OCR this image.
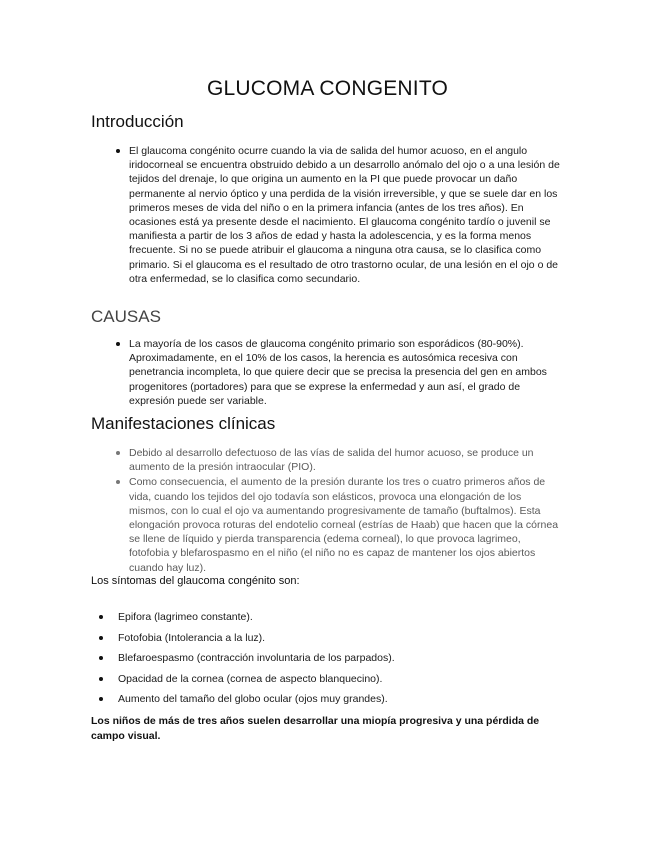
GLUCOMA CONGENITO
Introducción
El glaucoma congénito ocurre cuando la via de salida del humor acuoso, en el angulo iridocorneal se encuentra obstruido debido a un desarrollo anómalo del ojo o a una lesión de tejidos del drenaje, lo que origina un aumento en la PI que puede provocar un daño permanente al nervio óptico y una perdida de la visión irreversible, y que se suele dar en los primeros meses de vida del niño o en la primera infancia (antes de los tres años). En ocasiones está ya presente desde el nacimiento. El glaucoma congénito tardío o juvenil se manifiesta a partir de los 3 años de edad y hasta la adolescencia, y es la forma menos frecuente. Si no se puede atribuir el glaucoma a ninguna otra causa, se lo clasifica como primario. Si el glaucoma es el resultado de otro trastorno ocular, de una lesión en el ojo o de otra enfermedad, se lo clasifica como secundario.
CAUSAS
La mayoría de los casos de glaucoma congénito primario son esporádicos (80-90%). Aproximadamente, en el 10% de los casos, la herencia es autosómica recesiva con penetrancia incompleta, lo que quiere decir que se precisa la presencia del gen en ambos progenitores (portadores) para que se exprese la enfermedad y aun así, el grado de expresión puede ser variable.
Manifestaciones clínicas
Debido al desarrollo defectuoso de las vías de salida del humor acuoso, se produce un aumento de la presión intraocular (PIO).
Como consecuencia, el aumento de la presión durante los tres o cuatro primeros años de vida, cuando los tejidos del ojo todavía son elásticos, provoca una elongación de los mismos, con lo cual el ojo va aumentando progresivamente de tamaño (buftalmos). Esta elongación provoca roturas del endotelio corneal (estrías de Haab) que hacen que la córnea se llene de líquido y pierda transparencia (edema corneal), lo que provoca lagrimeo, fotofobia y blefarospasmo en el niño (el niño no es capaz de mantener los ojos abiertos cuando hay luz).
Los síntomas del glaucoma congénito son:
Epifora (lagrimeo constante).
Fotofobia (Intolerancia a la luz).
Blefaroespasmo (contracción involuntaria de los parpados).
Opacidad de la cornea (cornea de aspecto blanquecino).
Aumento del tamaño del globo ocular (ojos muy grandes).
Los niños de más de tres años suelen desarrollar una miopía progresiva y una pérdida de campo visual.
